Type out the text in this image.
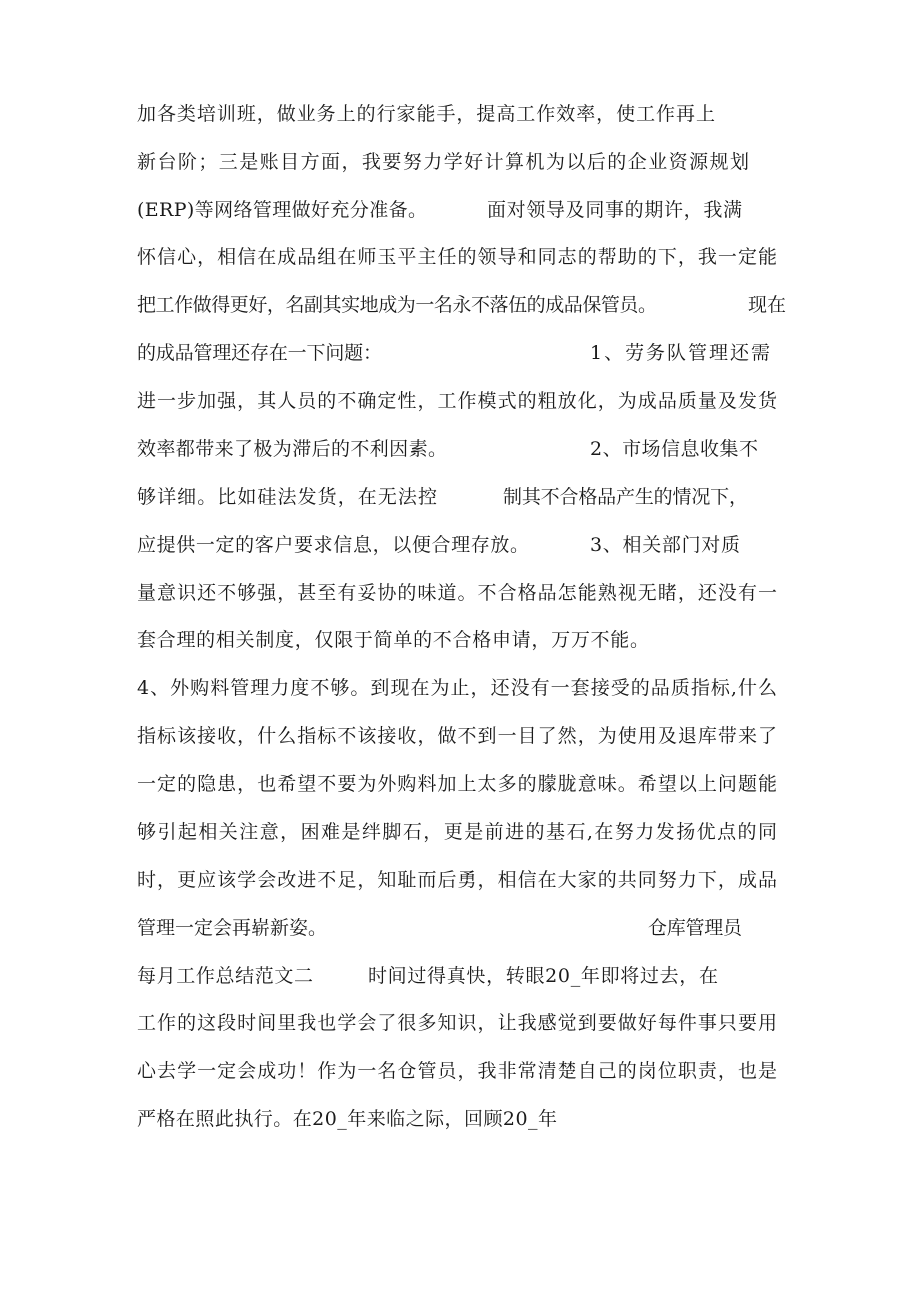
加各类培训班，做业务上的行家能手，提高工作效率，使工作再上
新台阶；三是账目方面，我要努力学好计算机为以后的企业资源规划
(ERP)等网络管理做好充分准备。	面对领导及同事的期许，我满
怀信心，相信在成品组在师玉平主任的领导和同志的帮助的下，我一定能
把工作做得更好，名副其实地成为一名永不落伍的成品保管员。	现在
的成品管理还存在一下问题：	1、劳务队管理还需
进一步加强，其人员的不确定性，工作模式的粗放化，为成品质量及发货
效率都带来了极为滞后的不利因素。	2、市场信息收集不
够详细。比如硅法发货，在无法控	制其不合格品产生的情况下，
应提供一定的客户要求信息，以便合理存放。	3、相关部门对质
量意识还不够强，甚至有妥协的味道。不合格品怎能熟视无睹，还没有一
套合理的相关制度，仅限于简单的不合格申请，万万不能。
4、外购料管理力度不够。到现在为止，还没有一套接受的品质指标,什么
指标该接收，什么指标不该接收，做不到一目了然，为使用及退库带来了
一定的隐患，也希望不要为外购料加上太多的朦胧意味。希望以上问题能
够引起相关注意，困难是绊脚石，更是前进的基石,在努力发扬优点的同
时，更应该学会改进不足，知耻而后勇，相信在大家的共同努力下，成品
管理一定会再崭新姿。	仓库管理员
每月工作总结范文二	时间过得真快，转眼20_年即将过去，在
工作的这段时间里我也学会了很多知识，让我感觉到要做好每件事只要用
心去学一定会成功！作为一名仓管员，我非常清楚自己的岗位职责，也是
严格在照此执行。在20_年来临之际，回顾20_年
